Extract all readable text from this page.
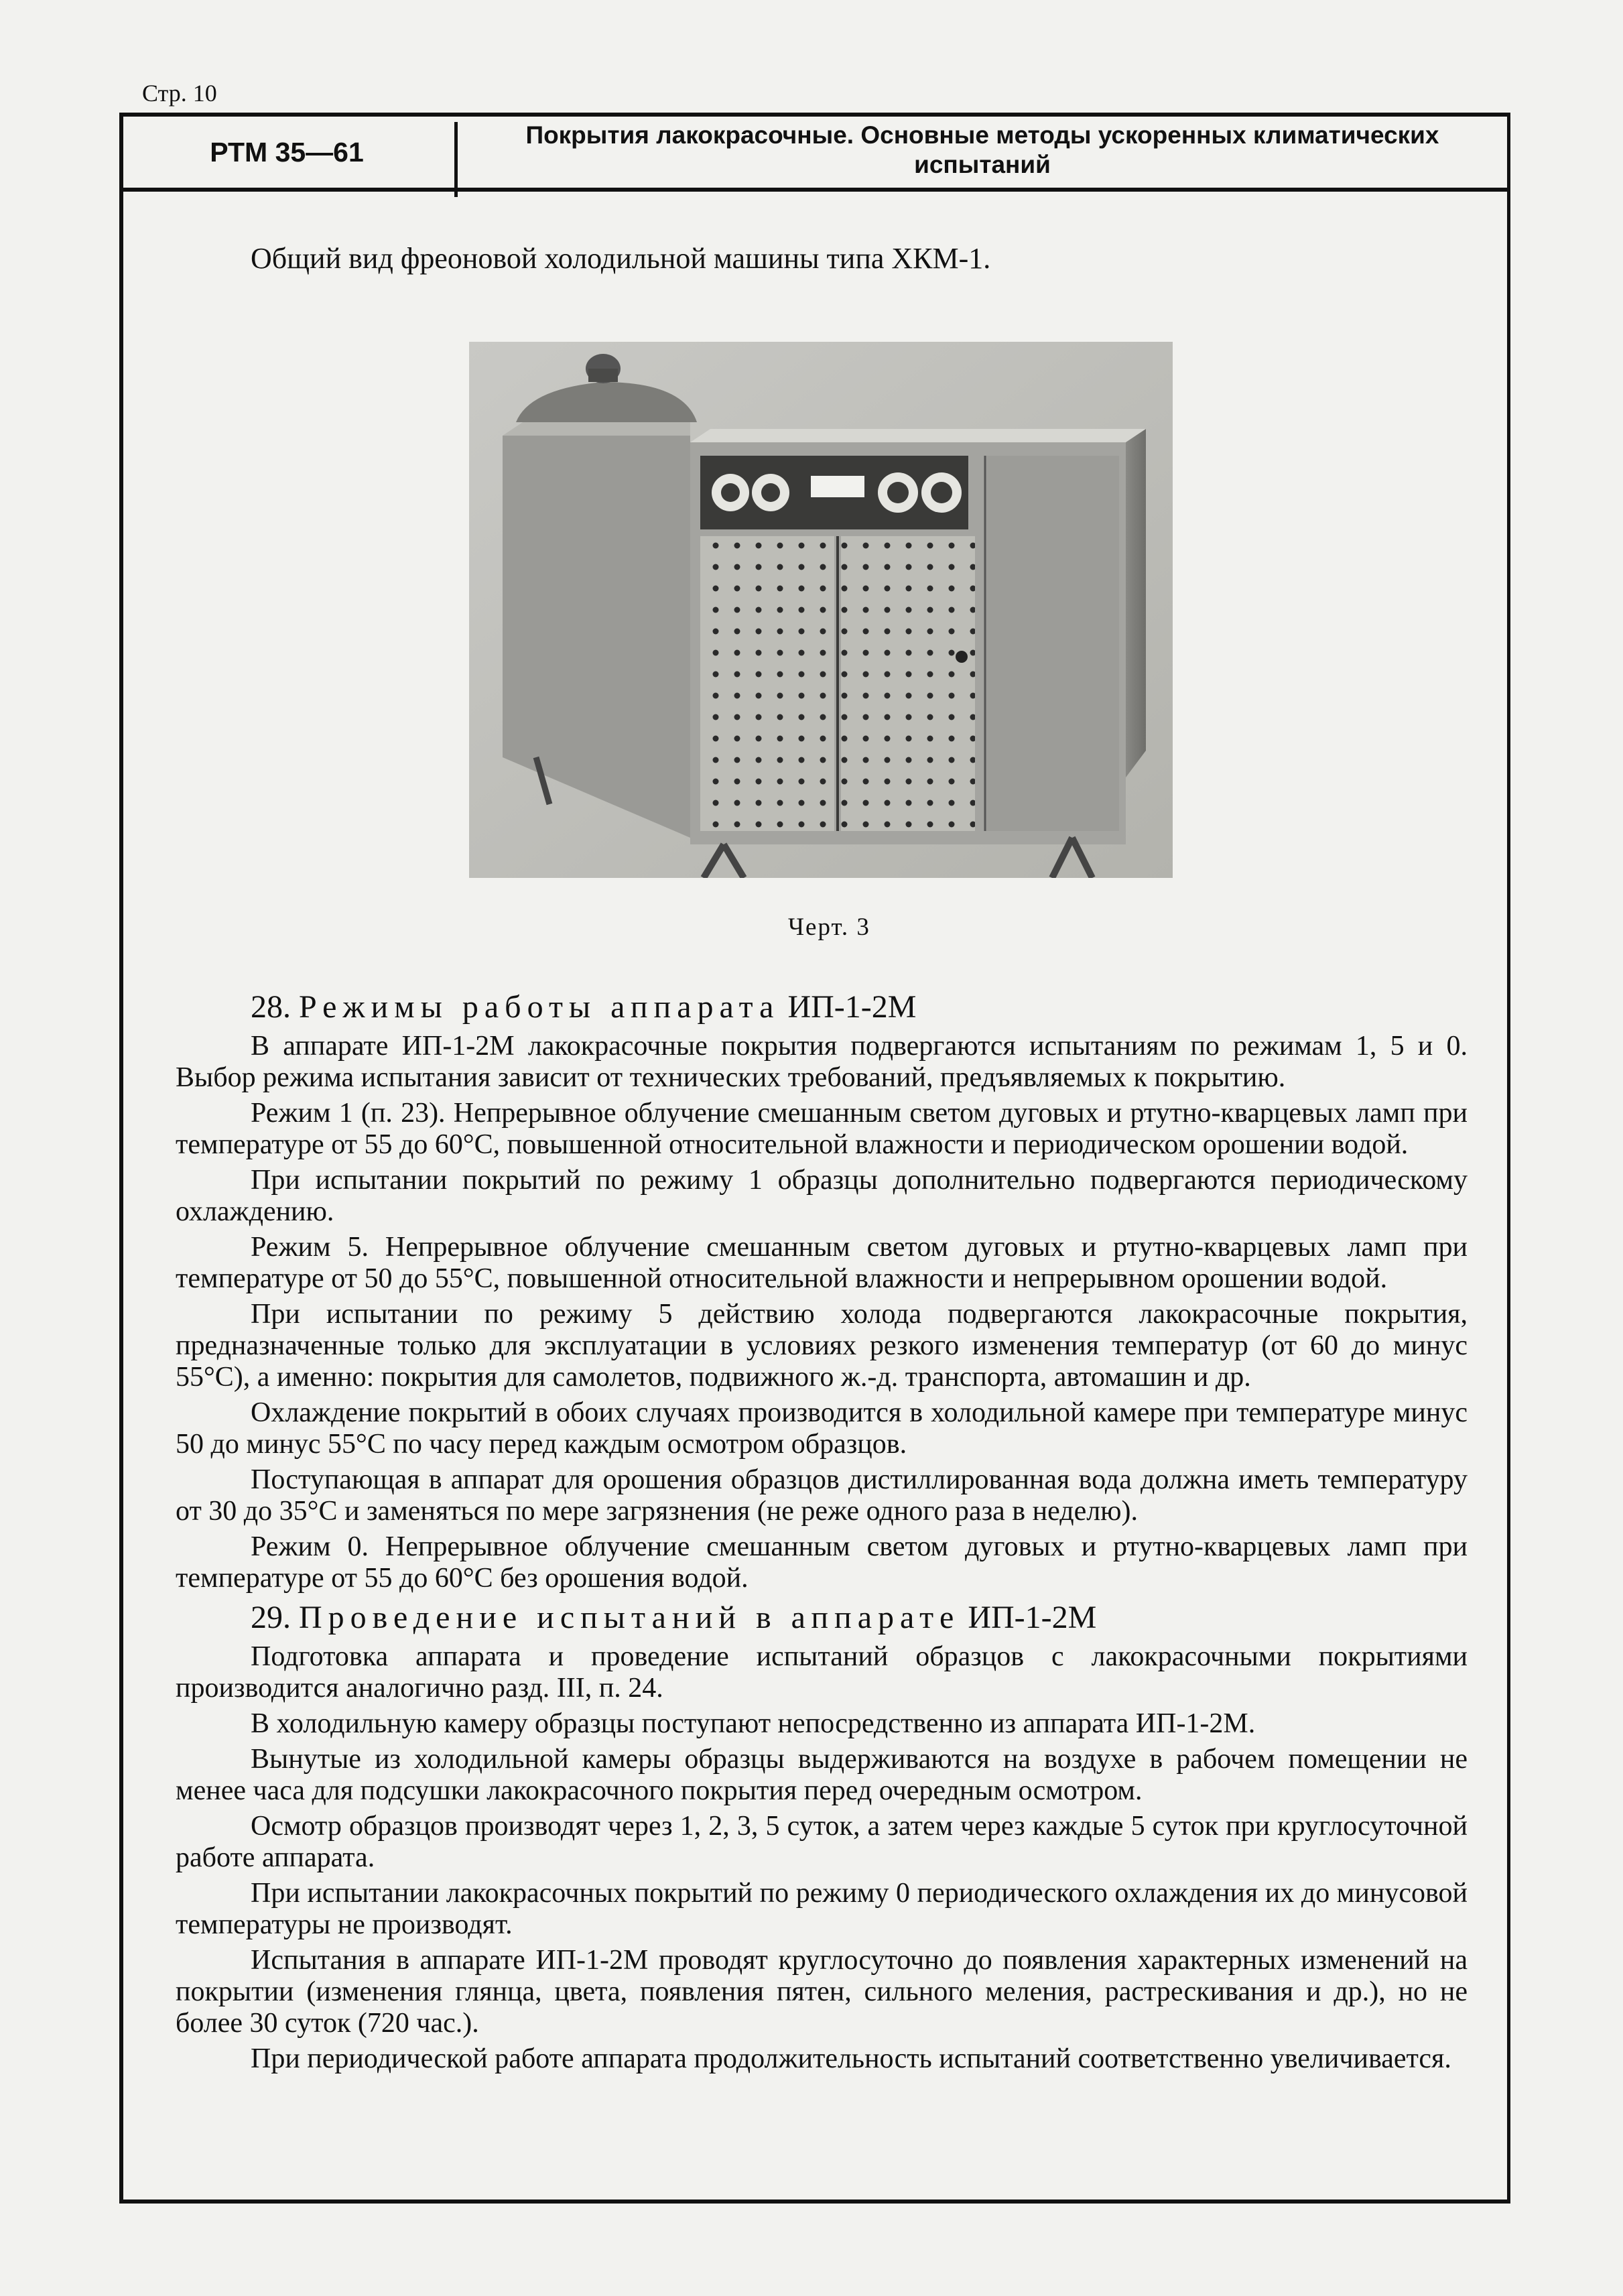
Стр. 10
РТМ 35—61
Покрытия лакокрасочные. Основные методы ускоренных климатических испытаний
Общий вид фреоновой холодильной машины типа ХКМ-1.
Черт. 3

28. Режимы работы аппарата ИП-1-2М

В аппарате ИП-1-2М лакокрасочные покрытия подвергаются испытаниям по режимам 1, 5 и 0. Выбор режима испытания зависит от технических требований, предъявляемых к покрытию.

Режим 1 (п. 23). Непрерывное облучение смешанным светом дуговых и ртутно-кварцевых ламп при температуре от 55 до 60°С, повышенной относительной влажности и периодическом орошении водой.

При испытании покрытий по режиму 1 образцы дополнительно подвергаются периодическому охлаждению.

Режим 5. Непрерывное облучение смешанным светом дуговых и ртутно-кварцевых ламп при температуре от 50 до 55°С, повышенной относительной влажности и непрерывном орошении водой.

При испытании по режиму 5 действию холода подвергаются лакокрасочные покрытия, предназначенные только для эксплуатации в условиях резкого изменения температур (от 60 до минус 55°С), а именно: покрытия для самолетов, подвижного ж.-д. транспорта, автомашин и др.

Охлаждение покрытий в обоих случаях производится в холодильной камере при температуре минус 50 до минус 55°С по часу перед каждым осмотром образцов.

Поступающая в аппарат для орошения образцов дистиллированная вода должна иметь температуру от 30 до 35°С и заменяться по мере загрязнения (не реже одного раза в неделю).

Режим 0. Непрерывное облучение смешанным светом дуговых и ртутно-кварцевых ламп при температуре от 55 до 60°С без орошения водой.

29. Проведение испытаний в аппарате ИП-1-2М

Подготовка аппарата и проведение испытаний образцов с лакокрасочными покрытиями производится аналогично разд. III, п. 24.

В холодильную камеру образцы поступают непосредственно из аппарата ИП-1-2М.

Вынутые из холодильной камеры образцы выдерживаются на воздухе в рабочем помещении не менее часа для подсушки лакокрасочного покрытия перед очередным осмотром.

Осмотр образцов производят через 1, 2, 3, 5 суток, а затем через каждые 5 суток при круглосуточной работе аппарата.

При испытании лакокрасочных покрытий по режиму 0 периодического охлаждения их до минусовой температуры не производят.

Испытания в аппарате ИП-1-2М проводят круглосуточно до появления характерных изменений на покрытии (изменения глянца, цвета, появления пятен, сильного меления, растрескивания и др.), но не более 30 суток (720 час.).

При периодической работе аппарата продолжительность испытаний соответственно увеличивается.
